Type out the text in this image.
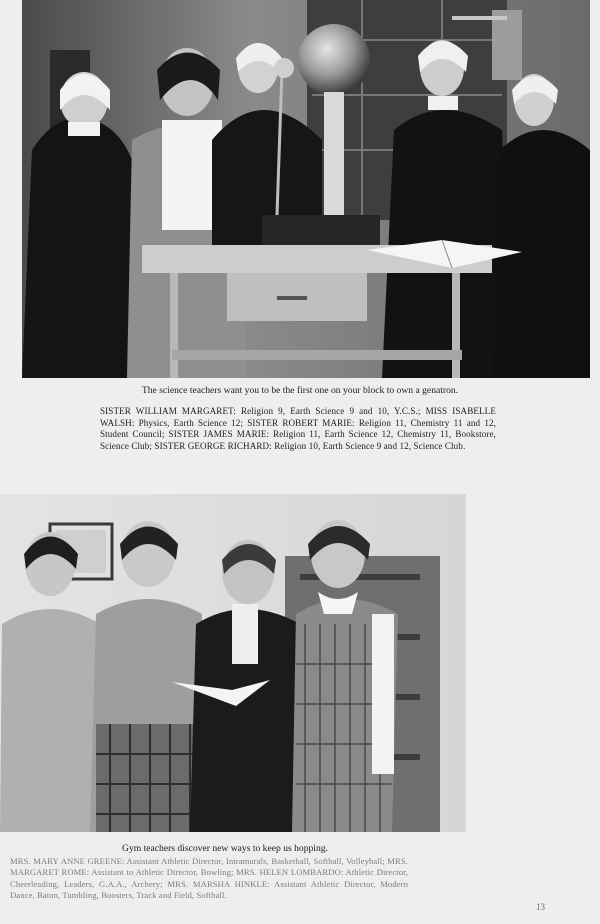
The science teachers want you to be the first one on your block to own a genatron.
SISTER WILLIAM MARGARET: Religion 9, Earth Science 9 and 10, Y.C.S.; MISS ISABELLE WALSH: Physics, Earth Science 12; SISTER ROBERT MARIE: Religion 11, Chemistry 11 and 12, Student Council; SISTER JAMES MARIE: Religion 11, Earth Science 12, Chemistry 11, Bookstore, Science Club; SISTER GEORGE RICHARD: Religion 10, Earth Science 9 and 12, Science Club.
Gym teachers discover new ways to keep us hopping.
MRS. MARY ANNE GREENE: Assistant Athletic Director, Intramurals, Basketball, Softball, Volleyball; MRS. MARGARET ROME: Assistant to Athletic Director, Bowling; MRS. HELEN LOMBARDO: Athletic Director, Cheerleading, Leaders, G.A.A., Archery; MRS. MARSHA HINKLE: Assistant Athletic Director, Modern Dance, Baton, Tumbling, Boosters, Track and Field, Softball.
13
